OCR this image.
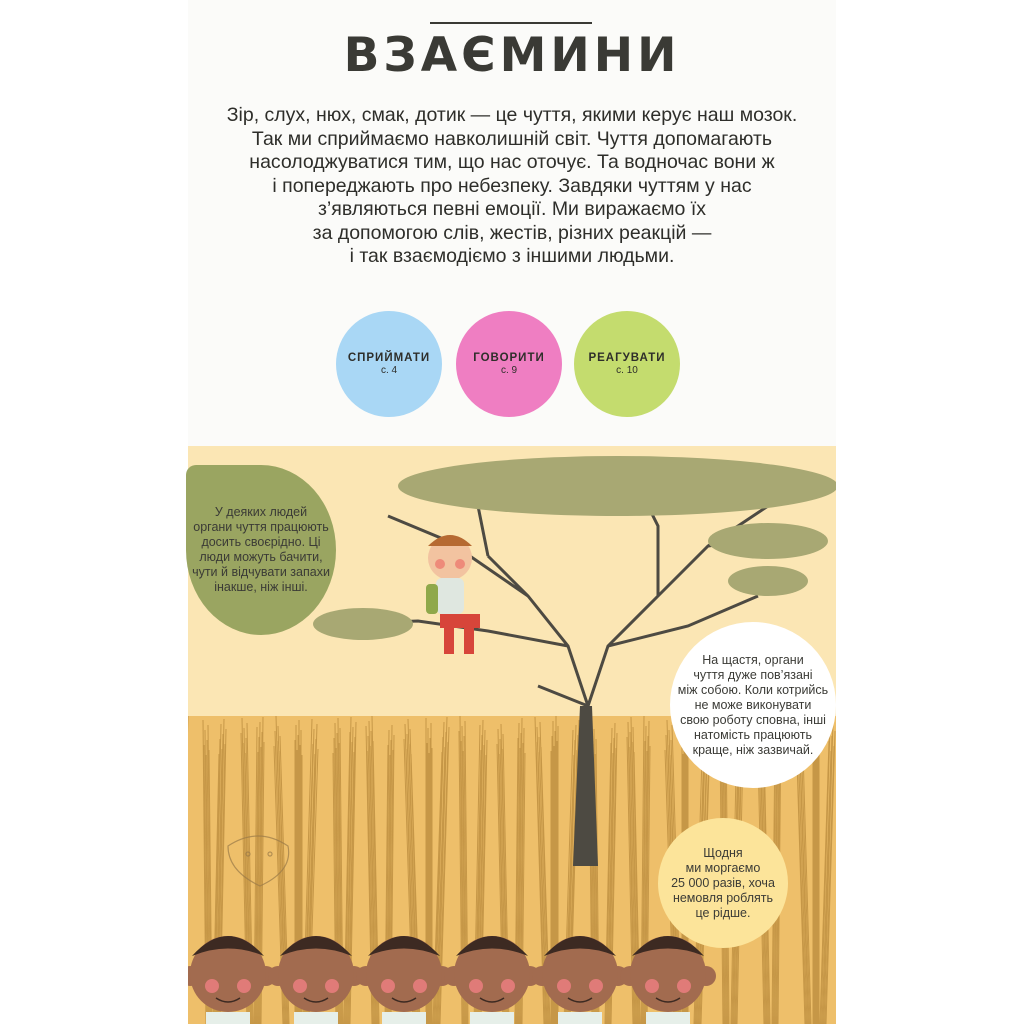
ВЗАЄМИНИ
Зір, слух, нюх, смак, дотик — це чуття, якими керує наш мозок.
Так ми сприймаємо навколишній світ. Чуття допомагають
насолоджуватися тим, що нас оточує. Та водночас вони ж
і попереджають про небезпеку. Завдяки чуттям у нас
з’являються певні емоції. Ми виражаємо їх
за допомогою слів, жестів, різних реакцій —
і так взаємодіємо з іншими людьми.
СПРИЙМАТИ
с. 4
ГОВОРИТИ
с. 9
РЕАГУВАТИ
с. 10
У деяких людей
органи чуття працюють
досить своєрідно. Ці
люди можуть бачити,
чути й відчувати запахи
інакше, ніж інші.
На щастя, органи
чуття дуже пов’язані
між собою. Коли котрийсь
не може виконувати
свою роботу сповна, інші
натомість працюють
краще, ніж зазвичай.
Щодня
ми моргаємо
25 000 разів, хоча
немовля роблять
це рідше.
